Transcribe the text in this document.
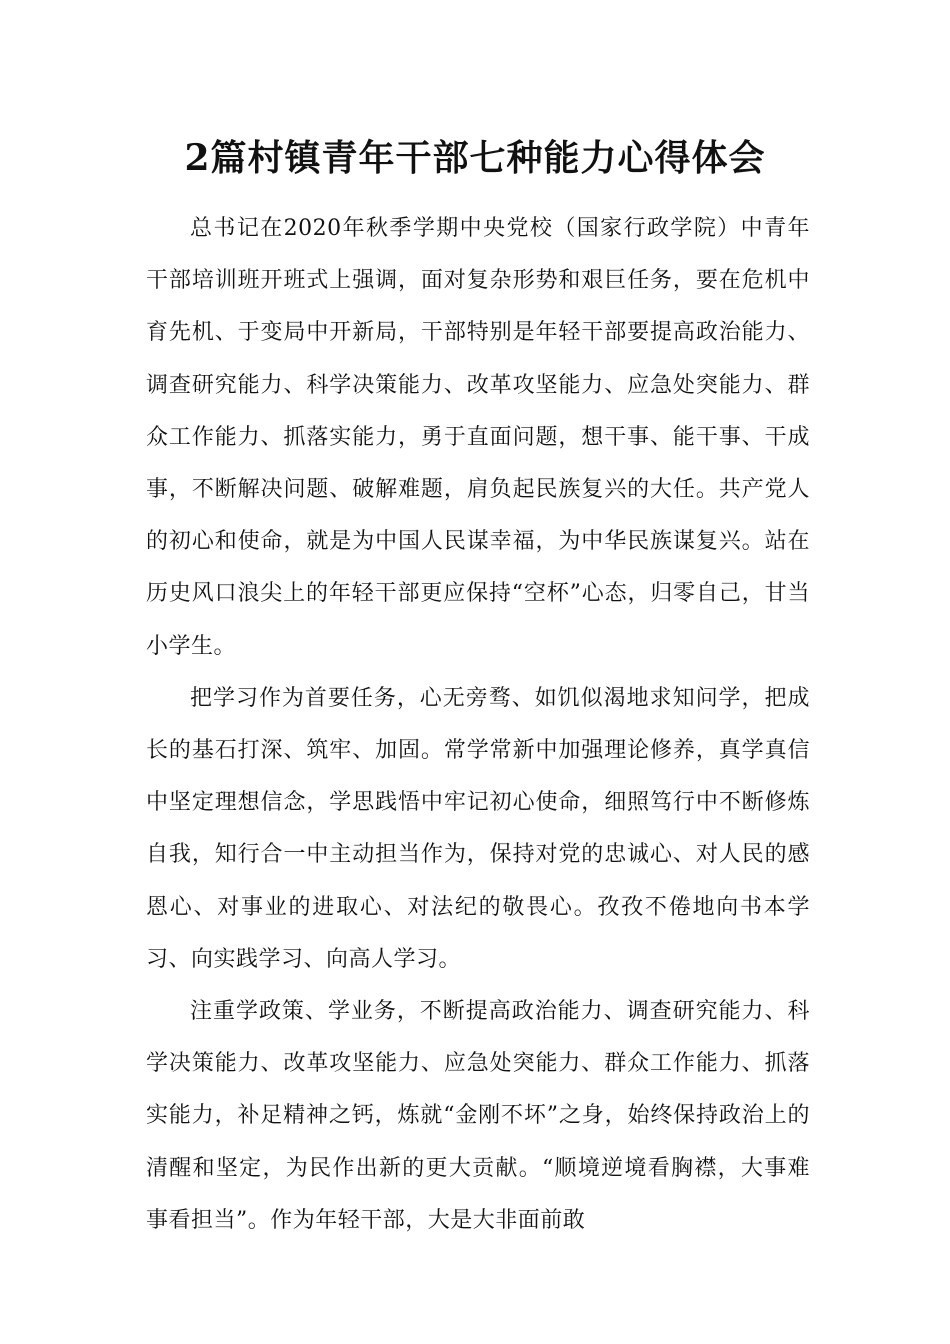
2篇村镇青年干部七种能力心得体会

总书记在2020年秋季学期中央党校（国家行政学院）中青年干部培训班开班式上强调，面对复杂形势和艰巨任务，要在危机中育先机、于变局中开新局，干部特别是年轻干部要提高政治能力、调查研究能力、科学决策能力、改革攻坚能力、应急处突能力、群众工作能力、抓落实能力，勇于直面问题，想干事、能干事、干成事，不断解决问题、破解难题，肩负起民族复兴的大任。共产党人的初心和使命，就是为中国人民谋幸福，为中华民族谋复兴。站在历史风口浪尖上的年轻干部更应保持“空杯”心态，归零自己，甘当小学生。

把学习作为首要任务，心无旁骛、如饥似渴地求知问学，把成长的基石打深、筑牢、加固。常学常新中加强理论修养，真学真信中坚定理想信念，学思践悟中牢记初心使命，细照笃行中不断修炼自我，知行合一中主动担当作为，保持对党的忠诚心、对人民的感恩心、对事业的进取心、对法纪的敬畏心。孜孜不倦地向书本学习、向实践学习、向高人学习。

注重学政策、学业务，不断提高政治能力、调查研究能力、科学决策能力、改革攻坚能力、应急处突能力、群众工作能力、抓落实能力，补足精神之钙，炼就“金刚不坏”之身，始终保持政治上的清醒和坚定，为民作出新的更大贡献。“顺境逆境看胸襟，大事难事看担当”。作为年轻干部，大是大非面前敢
